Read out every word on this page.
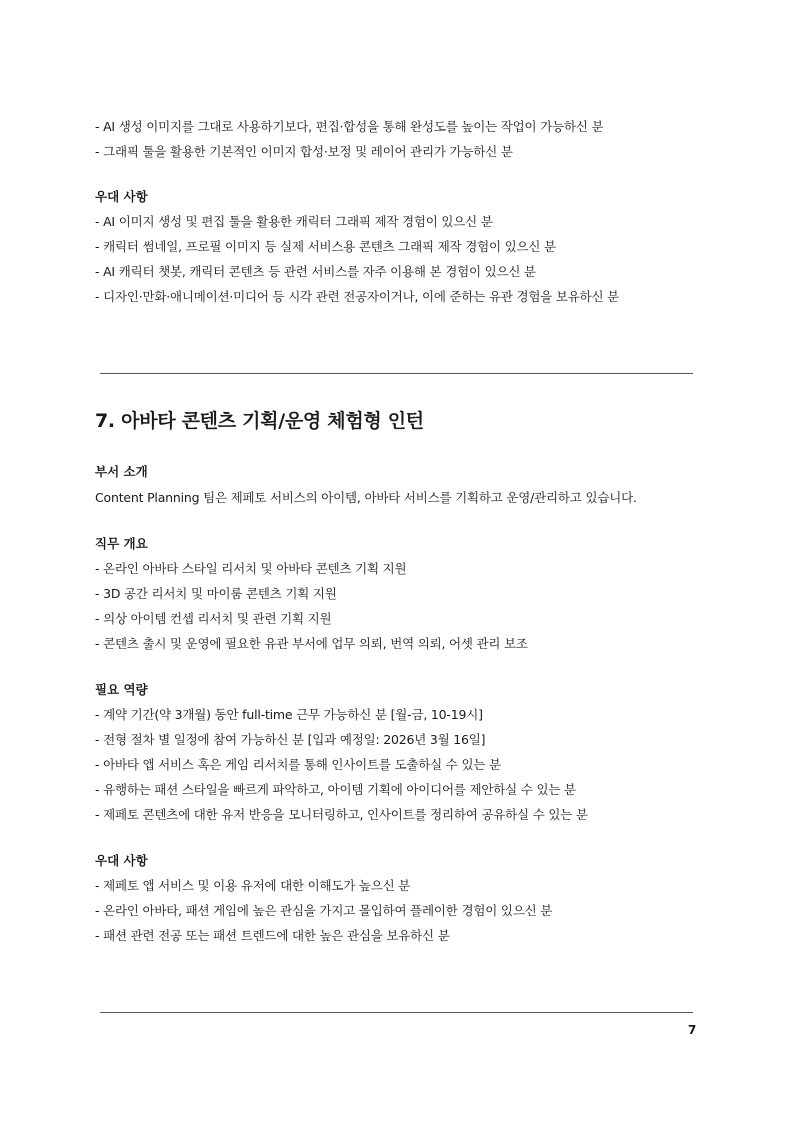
- AI 생성 이미지를 그대로 사용하기보다, 편집·합성을 통해 완성도를 높이는 작업이 가능하신 분
- 그래픽 툴을 활용한 기본적인 이미지 합성·보정 및 레이어 관리가 가능하신 분
우대 사항
- AI 이미지 생성 및 편집 툴을 활용한 캐릭터 그래픽 제작 경험이 있으신 분
- 캐릭터 썸네일, 프로필 이미지 등 실제 서비스용 콘텐츠 그래픽 제작 경험이 있으신 분
- AI 캐릭터 챗봇, 캐릭터 콘텐츠 등 관련 서비스를 자주 이용해 본 경험이 있으신 분
- 디자인·만화·애니메이션·미디어 등 시각 관련 전공자이거나, 이에 준하는 유관 경험을 보유하신 분
7. 아바타 콘텐츠 기획/운영 체험형 인턴
부서 소개
Content Planning 팀은 제페토 서비스의 아이템, 아바타 서비스를 기획하고 운영/관리하고 있습니다.
직무 개요
- 온라인 아바타 스타일 리서치 및 아바타 콘텐츠 기획 지원
- 3D 공간 리서치 및 마이룸 콘텐츠 기획 지원
- 의상 아이템 컨셉 리서치 및 관련 기획 지원
- 콘텐츠 출시 및 운영에 필요한 유관 부서에 업무 의뢰, 번역 의뢰, 어셋 관리 보조
필요 역량
- 계약 기간(약 3개월) 동안 full-time 근무 가능하신 분 [월-금, 10-19시]
- 전형 절차 별 일정에 참여 가능하신 분 [입과 예정일: 2026년 3월 16일]
- 아바타 앱 서비스 혹은 게임 리서치를 통해 인사이트를 도출하실 수 있는 분
- 유행하는 패션 스타일을 빠르게 파악하고, 아이템 기획에 아이디어를 제안하실 수 있는 분
- 제페토 콘텐츠에 대한 유저 반응을 모니터링하고, 인사이트를 정리하여 공유하실 수 있는 분
우대 사항
- 제페토 앱 서비스 및 이용 유저에 대한 이해도가 높으신 분
- 온라인 아바타, 패션 게임에 높은 관심을 가지고 몰입하여 플레이한 경험이 있으신 분
- 패션 관련 전공 또는 패션 트렌드에 대한 높은 관심을 보유하신 분
7
